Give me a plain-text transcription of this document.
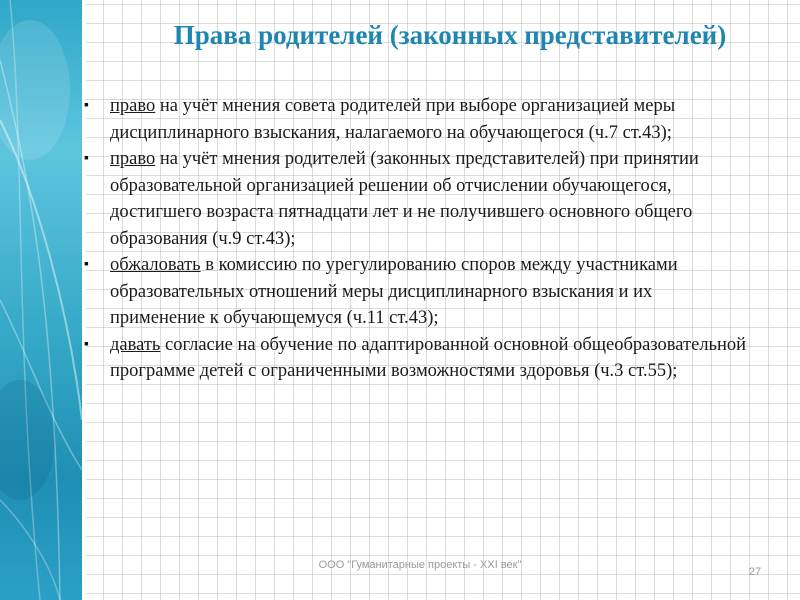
Права родителей (законных представителей)
▪ право на учёт мнения совета родителей при выборе организацией меры дисциплинарного взыскания, налагаемого на обучающегося (ч.7 ст.43);
▪ право на учёт мнения родителей (законных представителей) при принятии образовательной организацией решении об отчислении обучающегося, достигшего возраста пятнадцати лет и не получившего основного общего образования (ч.9 ст.43);
▪ обжаловать в комиссию по урегулированию споров между участниками образовательных отношений меры дисциплинарного взыскания и их применение к обучающемуся (ч.11 ст.43);
▪ давать согласие на обучение по адаптированной основной общеобразовательной программе детей с ограниченными возможностями здоровья (ч.3 ст.55);
ООО "Гуманитарные проекты - XXI век"
27
